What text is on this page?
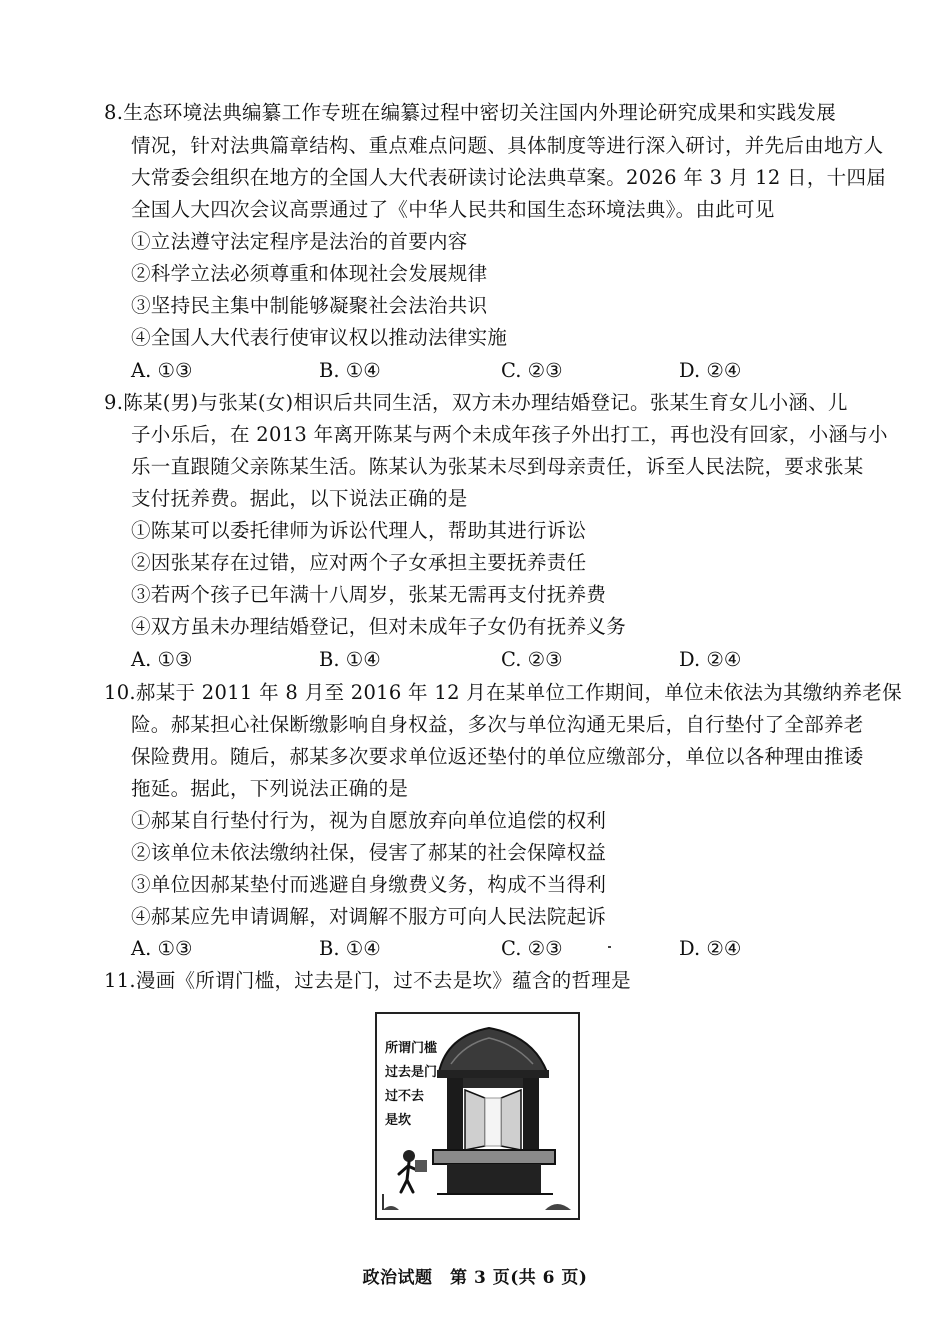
8.生态环境法典编纂工作专班在编纂过程中密切关注国内外理论研究成果和实践发展
情况，针对法典篇章结构、重点难点问题、具体制度等进行深入研讨，并先后由地方人
大常委会组织在地方的全国人大代表研读讨论法典草案。2026 年 3 月 12 日，十四届
全国人大四次会议高票通过了《中华人民共和国生态环境法典》。由此可见
①立法遵守法定程序是法治的首要内容
②科学立法必须尊重和体现社会发展规律
③坚持民主集中制能够凝聚社会法治共识
④全国人大代表行使审议权以推动法律实施
A. ①③	B. ①④	C. ②③	D. ②④
9.陈某(男)与张某(女)相识后共同生活，双方未办理结婚登记。张某生育女儿小涵、儿
子小乐后，在 2013 年离开陈某与两个未成年孩子外出打工，再也没有回家，小涵与小
乐一直跟随父亲陈某生活。陈某认为张某未尽到母亲责任，诉至人民法院，要求张某
支付抚养费。据此，以下说法正确的是
①陈某可以委托律师为诉讼代理人，帮助其进行诉讼
②因张某存在过错，应对两个子女承担主要抚养责任
③若两个孩子已年满十八周岁，张某无需再支付抚养费
④双方虽未办理结婚登记，但对未成年子女仍有抚养义务
A. ①③	B. ①④	C. ②③	D. ②④
10.郝某于 2011 年 8 月至 2016 年 12 月在某单位工作期间，单位未依法为其缴纳养老保
险。郝某担心社保断缴影响自身权益，多次与单位沟通无果后，自行垫付了全部养老
保险费用。随后，郝某多次要求单位返还垫付的单位应缴部分，单位以各种理由推诿
拖延。据此，下列说法正确的是
①郝某自行垫付行为，视为自愿放弃向单位追偿的权利
②该单位未依法缴纳社保，侵害了郝某的社会保障权益
③单位因郝某垫付而逃避自身缴费义务，构成不当得利
④郝某应先申请调解，对调解不服方可向人民法院起诉
A. ①③	B. ①④	C. ②③	D. ②④
11.漫画《所谓门槛，过去是门，过不去是坎》蕴含的哲理是
所谓门槛
过去是门
过不去
是坎
政治试题　第 3 页(共 6 页)
